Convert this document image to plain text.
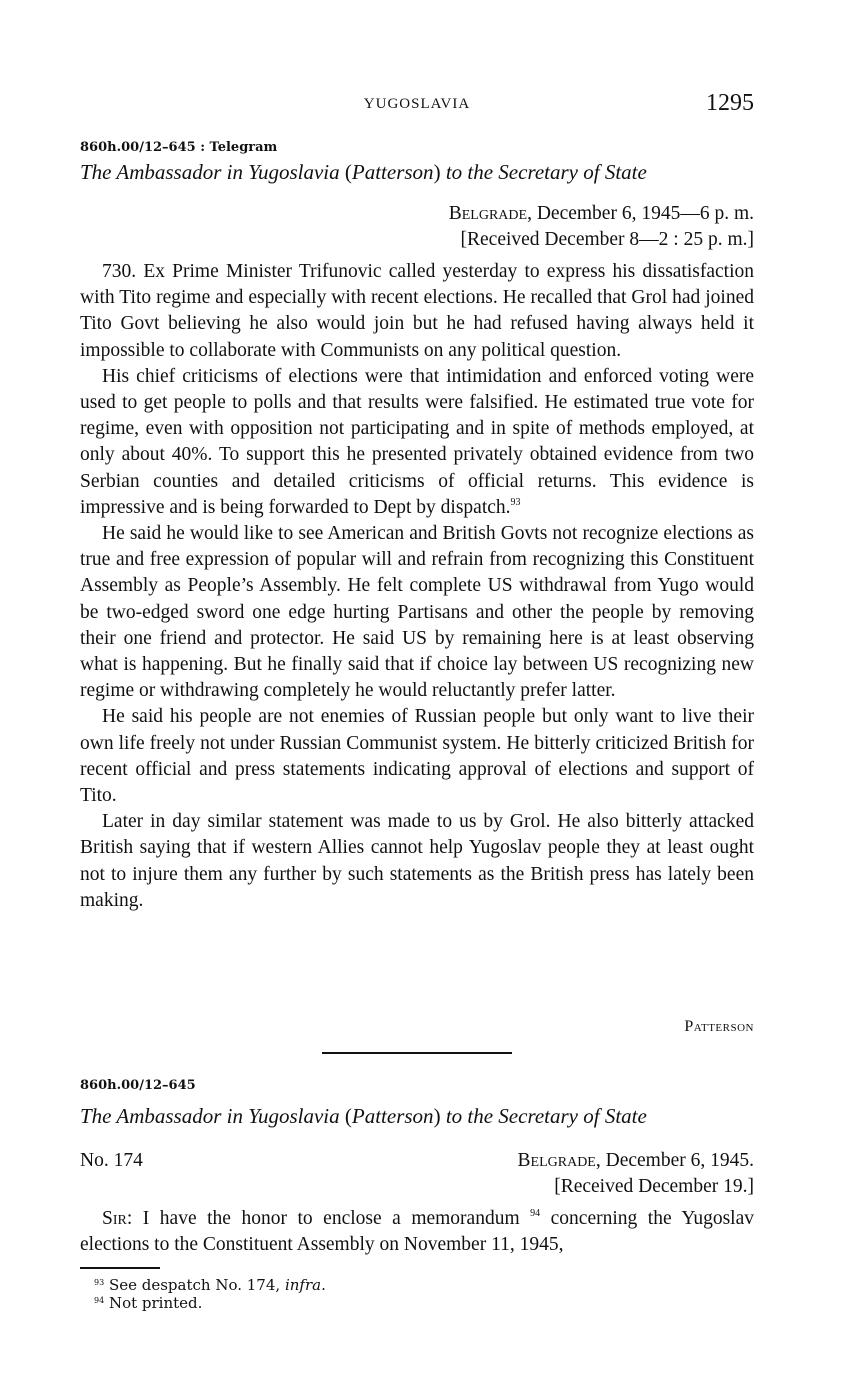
YUGOSLAVIA	1295
860h.00/12–645 : Telegram
The Ambassador in Yugoslavia (Patterson) to the Secretary of State
Belgrade, December 6, 1945—6 p. m.
[Received December 8—2 : 25 p. m.]

730. Ex Prime Minister Trifunovic called yesterday to express his dissatisfaction with Tito regime and especially with recent elections. He recalled that Grol had joined Tito Govt believing he also would join but he had refused having always held it impossible to collaborate with Communists on any political question.

His chief criticisms of elections were that intimidation and enforced voting were used to get people to polls and that results were falsified. He estimated true vote for regime, even with opposition not participating and in spite of methods employed, at only about 40%. To support this he presented privately obtained evidence from two Serbian counties and detailed criticisms of official returns. This evidence is impressive and is being forwarded to Dept by dispatch.$^{93}$

He said he would like to see American and British Govts not recognize elections as true and free expression of popular will and refrain from recognizing this Constituent Assembly as People’s Assembly. He felt complete US withdrawal from Yugo would be two-edged sword one edge hurting Partisans and other the people by removing their one friend and protector. He said US by remaining here is at least observing what is happening. But he finally said that if choice lay between US recognizing new regime or withdrawing completely he would reluctantly prefer latter.

He said his people are not enemies of Russian people but only want to live their own life freely not under Russian Communist system. He bitterly criticized British for recent official and press statements indicating approval of elections and support of Tito.

Later in day similar statement was made to us by Grol. He also bitterly attacked British saying that if western Allies cannot help Yugoslav people they at least ought not to injure them any further by such statements as the British press has lately been making.

Patterson
860h.00/12–645
The Ambassador in Yugoslavia (Patterson) to the Secretary of State
No. 174	Belgrade, December 6, 1945.
[Received December 19.]

Sir: I have the honor to enclose a memorandum $^{94}$ concerning the Yugoslav elections to the Constituent Assembly on November 11, 1945,

$^{93}$ See despatch No. 174, infra.
$^{94}$ Not printed.
